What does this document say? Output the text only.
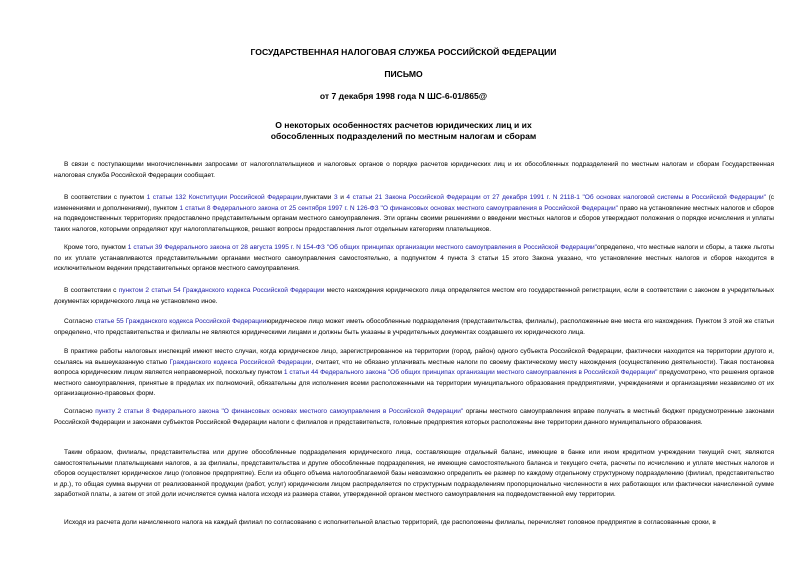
ГОСУДАРСТВЕННАЯ НАЛОГОВАЯ СЛУЖБА РОССИЙСКОЙ ФЕДЕРАЦИИ
ПИСЬМО
от 7 декабря 1998 года N ШС-6-01/865@
О некоторых особенностях расчетов юридических лиц и их
обособленных подразделений по местным налогам и сборам
В связи с поступающими многочисленными запросами от налогоплательщиков и налоговых органов о порядке расчетов юридических лиц и их обособленных подразделений по местным налогам и сборам Государственная налоговая служба Российской Федерации сообщает.
В соответствии с пунктом 1 статьи 132 Конституции Российской Федерации,пунктами 3 и 4 статьи 21 Закона Российской Федерации от 27 декабря 1991 г. N 2118-1 "Об основах налоговой системы в Российской Федерации" (с изменениями и дополнениями), пунктом 1 статьи 8 Федерального закона от 25 сентября 1997 г. N 126-ФЗ "О финансовых основах местного самоуправления в Российской Федерации" право на установление местных налогов и сборов на подведомственных территориях предоставлено представительным органам местного самоуправления. Эти органы своими решениями о введении местных налогов и сборов утверждают положения о порядке исчисления и уплаты таких налогов, которыми определяют круг налогоплательщиков, решают вопросы предоставления льгот отдельным категориям плательщиков.
Кроме того, пунктом 1 статьи 39 Федерального закона от 28 августа 1995 г. N 154-ФЗ "Об общих принципах организации местного самоуправления в Российской Федерации"определено, что местные налоги и сборы, а также льготы по их уплате устанавливаются представительными органами местного самоуправления самостоятельно, а подпунктом 4 пункта 3 статьи 15 этого Закона указано, что установление местных налогов и сборов находится в исключительном ведении представительных органов местного самоуправления.
В соответствии с пунктом 2 статьи 54 Гражданского кодекса Российской Федерации место нахождения юридического лица определяется местом его государственной регистрации, если в соответствии с законом в учредительных документах юридического лица не установлено иное.
Согласно статье 55 Гражданского кодекса Российской Федерацииюридическое лицо может иметь обособленные подразделения (представительства, филиалы), расположенные вне места его нахождения. Пунктом 3 этой же статьи определено, что представительства и филиалы не являются юридическими лицами и должны быть указаны в учредительных документах создавшего их юридического лица.
В практике работы налоговых инспекций имеют место случаи, когда юридическое лицо, зарегистрированное на территории (город, район) одного субъекта Российской Федерации, фактически находится на территории другого и, ссылаясь на вышеуказанную статью Гражданского кодекса Российской Федерации, считает, что не обязано уплачивать местные налоги по своему фактическому месту нахождения (осуществлению деятельности). Такая постановка вопроса юридическим лицом является неправомерной, поскольку пунктом 1 статьи 44 Федерального закона "Об общих принципах организации местного самоуправления в Российской Федерации" предусмотрено, что решения органов местного самоуправления, принятые в пределах их полномочий, обязательны для исполнения всеми расположенными на территории муниципального образования предприятиями, учреждениями и организациями независимо от их организационно-правовых форм.
Согласно пункту 2 статьи 8 Федерального закона "О финансовых основах местного самоуправления в Российской Федерации" органы местного самоуправления вправе получать в местный бюджет предусмотренные законами Российской Федерации и законами субъектов Российской Федерации налоги с филиалов и представительств, головные предприятия которых расположены вне территории данного муниципального образования.
Таким образом, филиалы, представительства или другие обособленные подразделения юридического лица, составляющие отдельный баланс, имеющие в банке или ином кредитном учреждении текущий счет, являются самостоятельными плательщиками налогов, а за филиалы, представительства и другие обособленные подразделения, не имеющие самостоятельного баланса и текущего счета, расчеты по исчислению и уплате местных налогов и сборов осуществляет юридическое лицо (головное предприятие). Если из общего объема налогооблагаемой базы невозможно определить ее размер по каждому отдельному структурному подразделению (филиал, представительство и др.), то общая сумма выручки от реализованной продукции (работ, услуг) юридическим лицом распределяется по структурным подразделениям пропорционально численности в них работающих или фактически начисленной сумме заработной платы, а затем от этой доли исчисляется сумма налога исходя из размера ставки, утвержденной органом местного самоуправления на подведомственной ему территории.
Исходя из расчета доли начисленного налога на каждый филиал по согласованию с исполнительной властью территорий, где расположены филиалы, перечисляет головное предприятие в согласованные сроки, в
